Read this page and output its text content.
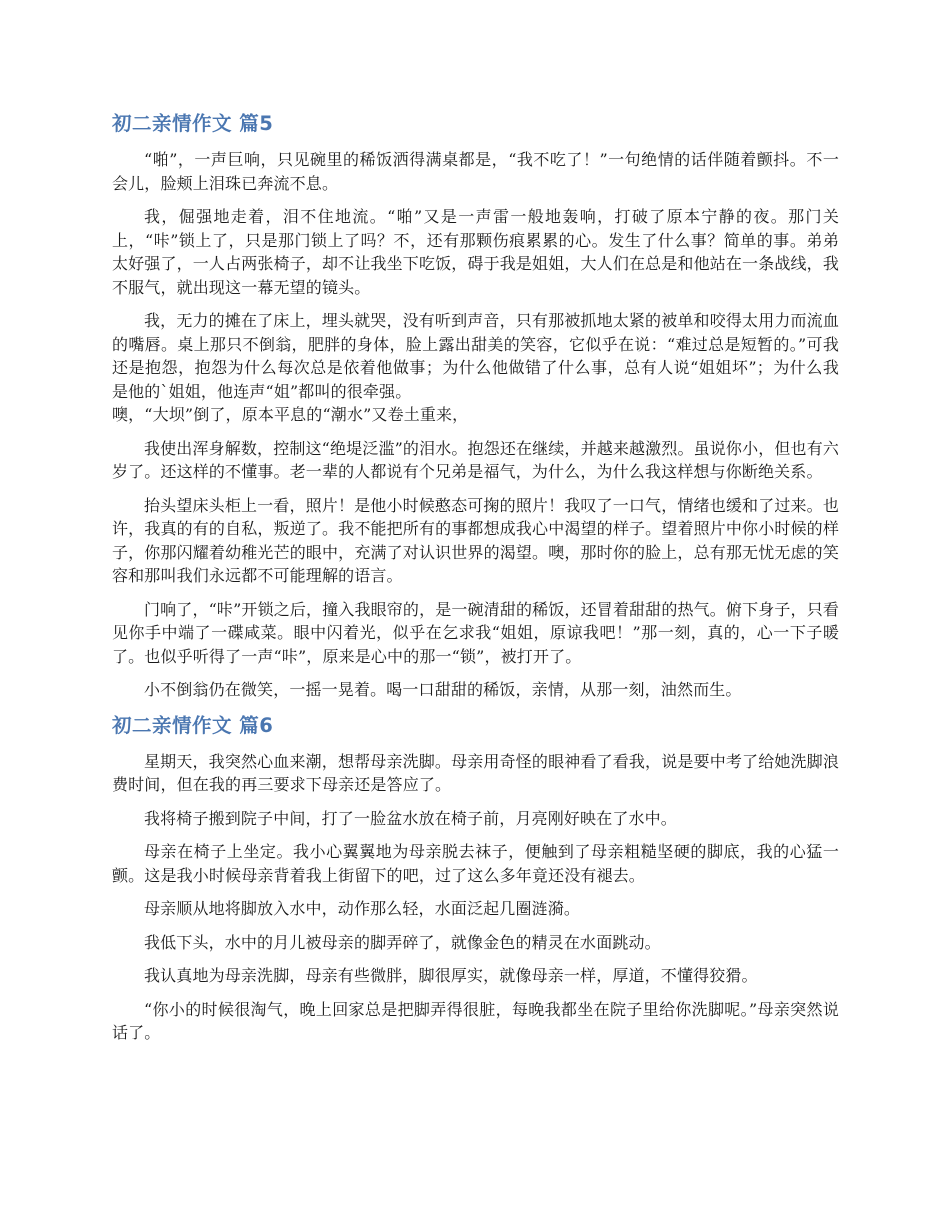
初二亲情作文 篇5

“啪”，一声巨响，只见碗里的稀饭洒得满桌都是，“我不吃了！”一句绝情的话伴随着颤抖。不一会儿，脸颊上泪珠已奔流不息。

我，倔强地走着，泪不住地流。“啪”又是一声雷一般地轰响，打破了原本宁静的夜。那门关上，“咔”锁上了，只是那门锁上了吗？不，还有那颗伤痕累累的心。发生了什么事？简单的事。弟弟太好强了，一人占两张椅子，却不让我坐下吃饭，碍于我是姐姐，大人们在总是和他站在一条战线，我不服气，就出现这一幕无望的镜头。

我，无力的摊在了床上，埋头就哭，没有听到声音，只有那被抓地太紧的被单和咬得太用力而流血的嘴唇。桌上那只不倒翁，肥胖的身体，脸上露出甜美的笑容，它似乎在说：“难过总是短暂的。”可我还是抱怨，抱怨为什么每次总是依着他做事；为什么他做错了什么事，总有人说“姐姐坏”；为什么我是他的`姐姐，他连声“姐”都叫的很牵强。

噢，“大坝”倒了，原本平息的“潮水”又卷土重来，

我使出浑身解数，控制这“绝堤泛滥”的泪水。抱怨还在继续，并越来越激烈。虽说你小，但也有六岁了。还这样的不懂事。老一辈的人都说有个兄弟是福气，为什么，为什么我这样想与你断绝关系。

抬头望床头柜上一看，照片！是他小时候憨态可掬的照片！我叹了一口气，情绪也缓和了过来。也许，我真的有的自私，叛逆了。我不能把所有的事都想成我心中渴望的样子。望着照片中你小时候的样子，你那闪耀着幼稚光芒的眼中，充满了对认识世界的渴望。噢，那时你的脸上，总有那无忧无虑的笑容和那叫我们永远都不可能理解的语言。

门响了，“咔”开锁之后，撞入我眼帘的，是一碗清甜的稀饭，还冒着甜甜的热气。俯下身子，只看见你手中端了一碟咸菜。眼中闪着光，似乎在乞求我“姐姐，原谅我吧！”那一刻，真的，心一下子暖了。也似乎听得了一声“咔”，原来是心中的那一“锁”，被打开了。

小不倒翁仍在微笑，一摇一晃着。喝一口甜甜的稀饭，亲情，从那一刻，油然而生。

初二亲情作文 篇6

星期天，我突然心血来潮，想帮母亲洗脚。母亲用奇怪的眼神看了看我，说是要中考了给她洗脚浪费时间，但在我的再三要求下母亲还是答应了。

我将椅子搬到院子中间，打了一脸盆水放在椅子前，月亮刚好映在了水中。

母亲在椅子上坐定。我小心翼翼地为母亲脱去袜子，便触到了母亲粗糙坚硬的脚底，我的心猛一颤。这是我小时候母亲背着我上街留下的吧，过了这么多年竟还没有褪去。

母亲顺从地将脚放入水中，动作那么轻，水面泛起几圈涟漪。

我低下头，水中的月儿被母亲的脚弄碎了，就像金色的精灵在水面跳动。

我认真地为母亲洗脚，母亲有些微胖，脚很厚实，就像母亲一样，厚道，不懂得狡猾。

“你小的时候很淘气，晚上回家总是把脚弄得很脏，每晚我都坐在院子里给你洗脚呢。”母亲突然说话了。
